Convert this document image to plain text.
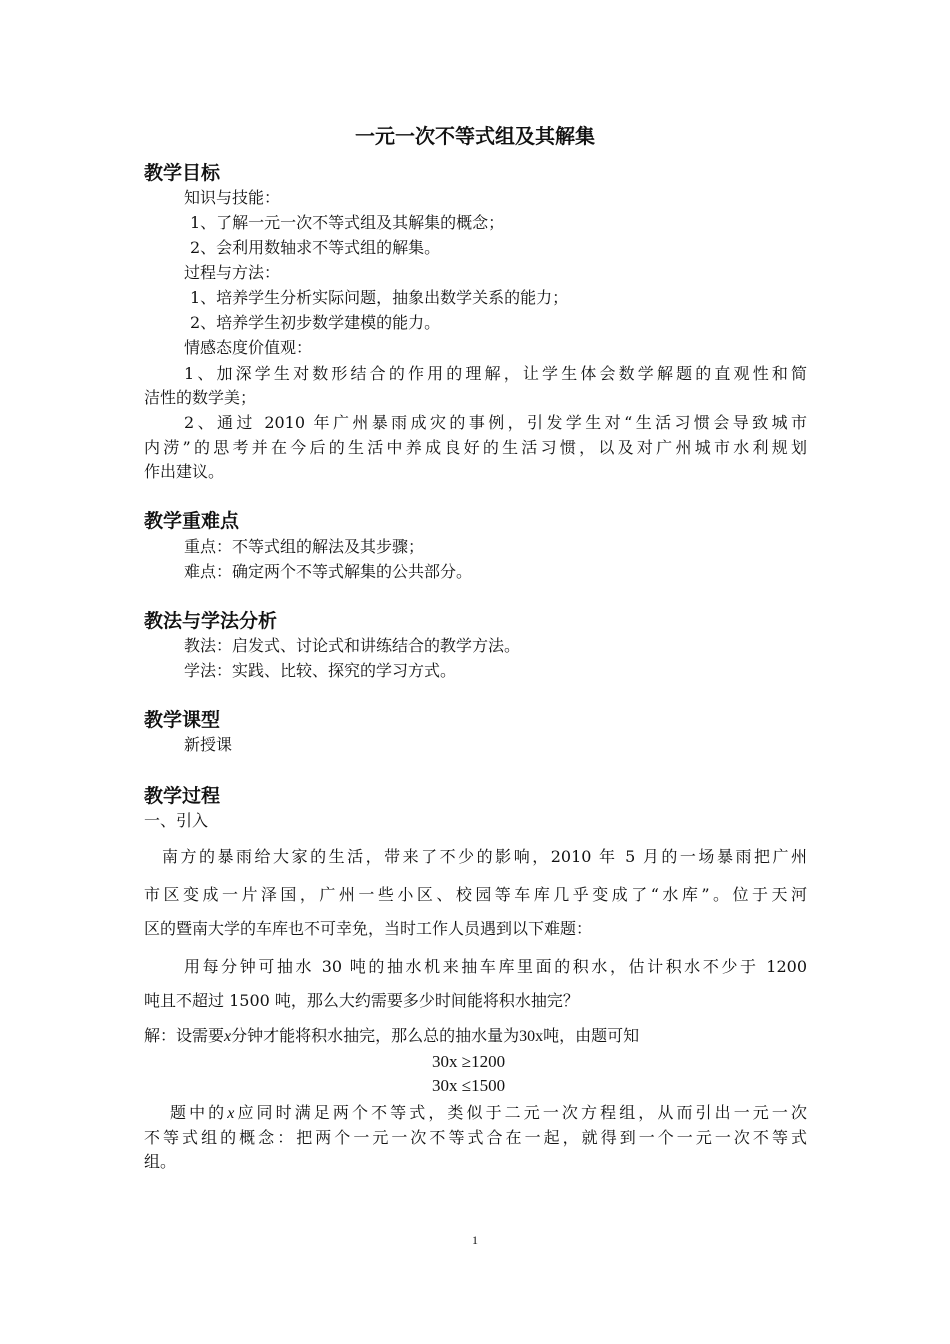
一元一次不等式组及其解集
教学目标
知识与技能：
1、了解一元一次不等式组及其解集的概念；
2、会利用数轴求不等式组的解集。
过程与方法：
1、培养学生分析实际问题，抽象出数学关系的能力；
2、培养学生初步数学建模的能力。
情感态度价值观：
1、加深学生对数形结合的作用的理解，让学生体会数学解题的直观性和简
洁性的数学美；
2、通过 2010 年广州暴雨成灾的事例，引发学生对“生活习惯会导致城市
内涝”的思考并在今后的生活中养成良好的生活习惯，以及对广州城市水利规划
作出建议。
教学重难点
重点：不等式组的解法及其步骤；
难点：确定两个不等式解集的公共部分。
教法与学法分析
教法：启发式、讨论式和讲练结合的教学方法。
学法：实践、比较、探究的学习方式。
教学课型
新授课
教学过程
一、引入
南方的暴雨给大家的生活，带来了不少的影响，2010 年 5 月的一场暴雨把广州
市区变成一片泽国，广州一些小区、校园等车库几乎变成了“水库”。位于天河
区的暨南大学的车库也不可幸免，当时工作人员遇到以下难题：
用每分钟可抽水 30 吨的抽水机来抽车库里面的积水，估计积水不少于 1200
吨且不超过 1500 吨，那么大约需要多少时间能将积水抽完？
解：设需要x分钟才能将积水抽完，那么总的抽水量为30x吨，由题可知
30x ≥1200
30x ≤1500
题中的x应同时满足两个不等式，类似于二元一次方程组，从而引出一元一次
不等式组的概念：把两个一元一次不等式合在一起，就得到一个一元一次不等式
组。
1
